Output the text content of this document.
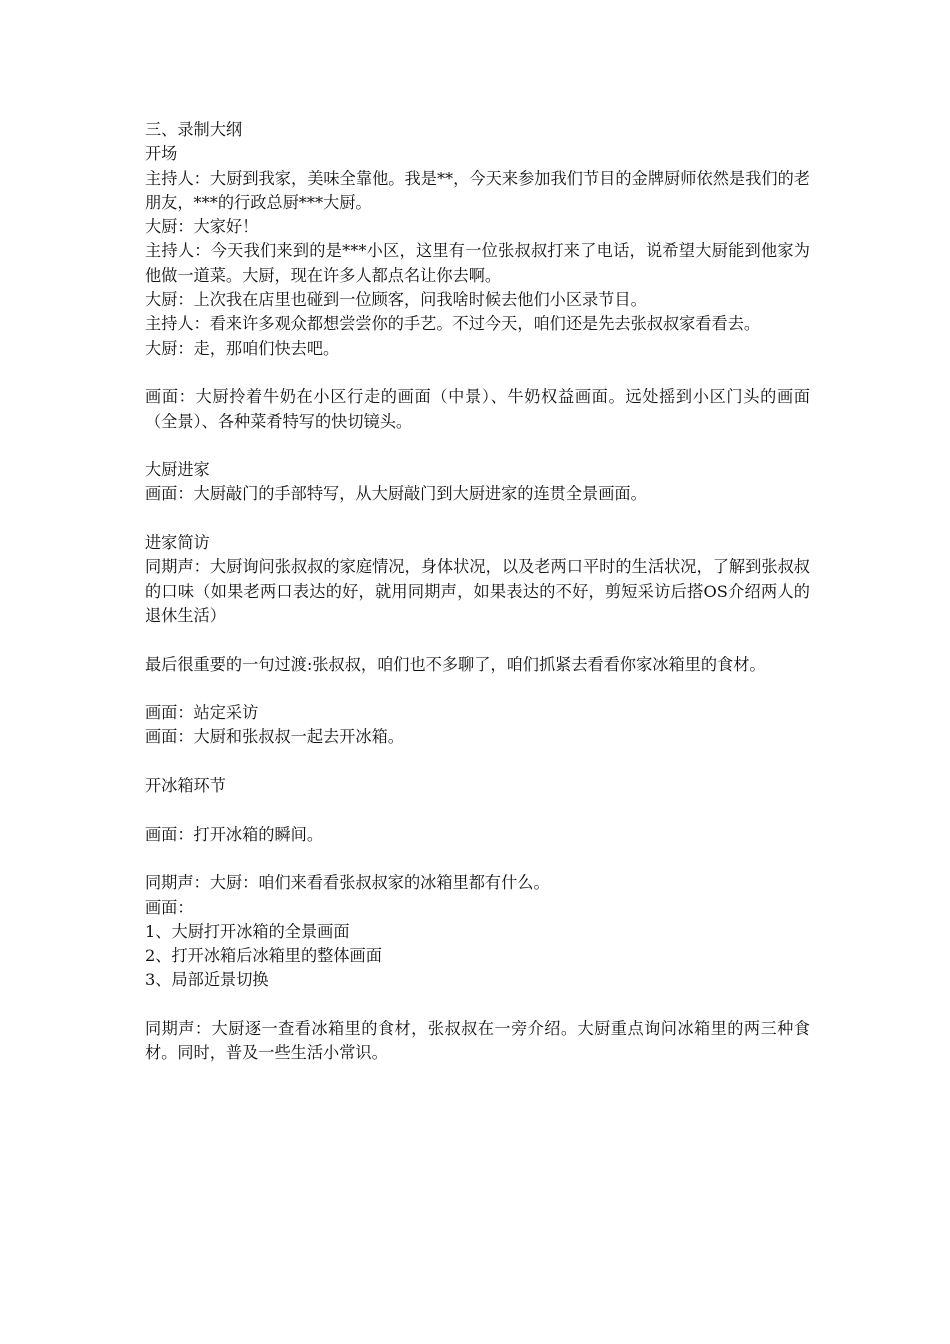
三、录制大纲
开场
主持人：大厨到我家，美味全靠他。我是**，今天来参加我们节目的金牌厨师依然是我们的老朋友，***的行政总厨***大厨。
大厨：大家好！
主持人：今天我们来到的是***小区，这里有一位张叔叔打来了电话，说希望大厨能到他家为他做一道菜。大厨，现在许多人都点名让你去啊。
大厨：上次我在店里也碰到一位顾客，问我啥时候去他们小区录节目。
主持人：看来许多观众都想尝尝你的手艺。不过今天，咱们还是先去张叔叔家看看去。
大厨：走，那咱们快去吧。
画面：大厨拎着牛奶在小区行走的画面（中景）、牛奶权益画面。远处摇到小区门头的画面（全景）、各种菜肴特写的快切镜头。
大厨进家
画面：大厨敲门的手部特写，从大厨敲门到大厨进家的连贯全景画面。
进家简访
同期声：大厨询问张叔叔的家庭情况，身体状况，以及老两口平时的生活状况，了解到张叔叔的口味（如果老两口表达的好，就用同期声，如果表达的不好，剪短采访后搭OS介绍两人的退休生活）
最后很重要的一句过渡:张叔叔，咱们也不多聊了，咱们抓紧去看看你家冰箱里的食材。
画面：站定采访
画面：大厨和张叔叔一起去开冰箱。
开冰箱环节
画面：打开冰箱的瞬间。
同期声：大厨：咱们来看看张叔叔家的冰箱里都有什么。
画面：
1、大厨打开冰箱的全景画面
2、打开冰箱后冰箱里的整体画面
3、局部近景切换
同期声：大厨逐一查看冰箱里的食材，张叔叔在一旁介绍。大厨重点询问冰箱里的两三种食材。同时，普及一些生活小常识。
